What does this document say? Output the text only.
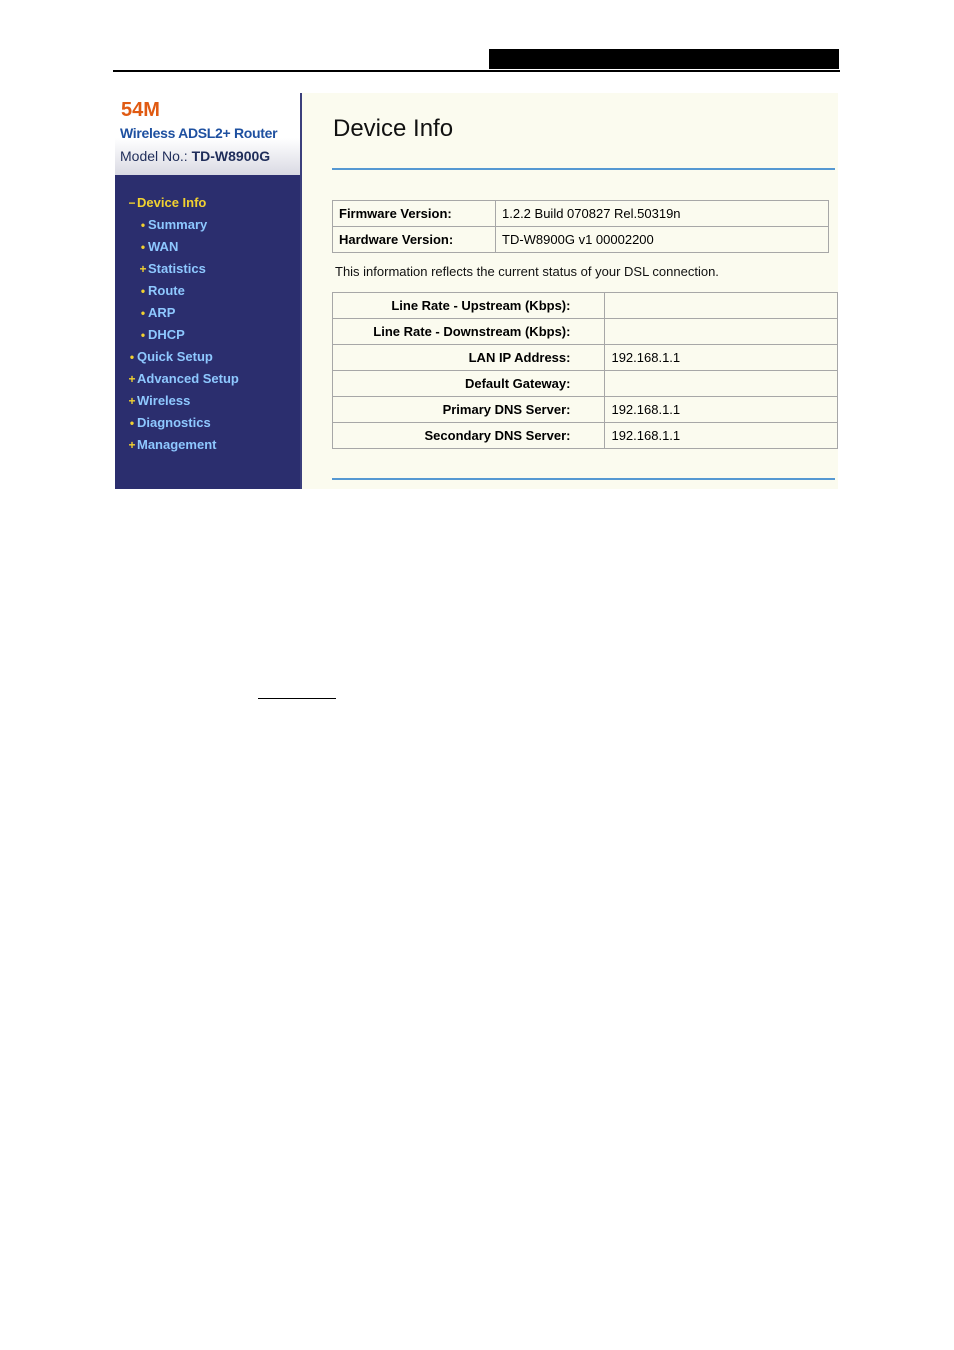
54M
Wireless ADSL2+ Router
Model No.: TD-W8900G
− Device Info
• Summary
• WAN
+ Statistics
• Route
• ARP
• DHCP
• Quick Setup
+ Advanced Setup
+ Wireless
• Diagnostics
+ Management
Device Info
Firmware Version:	1.2.2 Build 070827 Rel.50319n
Hardware Version:	TD-W8900G v1 00002200
This information reflects the current status of your DSL connection.
Line Rate - Upstream (Kbps):	
Line Rate - Downstream (Kbps):	
LAN IP Address:	192.168.1.1
Default Gateway:	
Primary DNS Server:	192.168.1.1
Secondary DNS Server:	192.168.1.1
